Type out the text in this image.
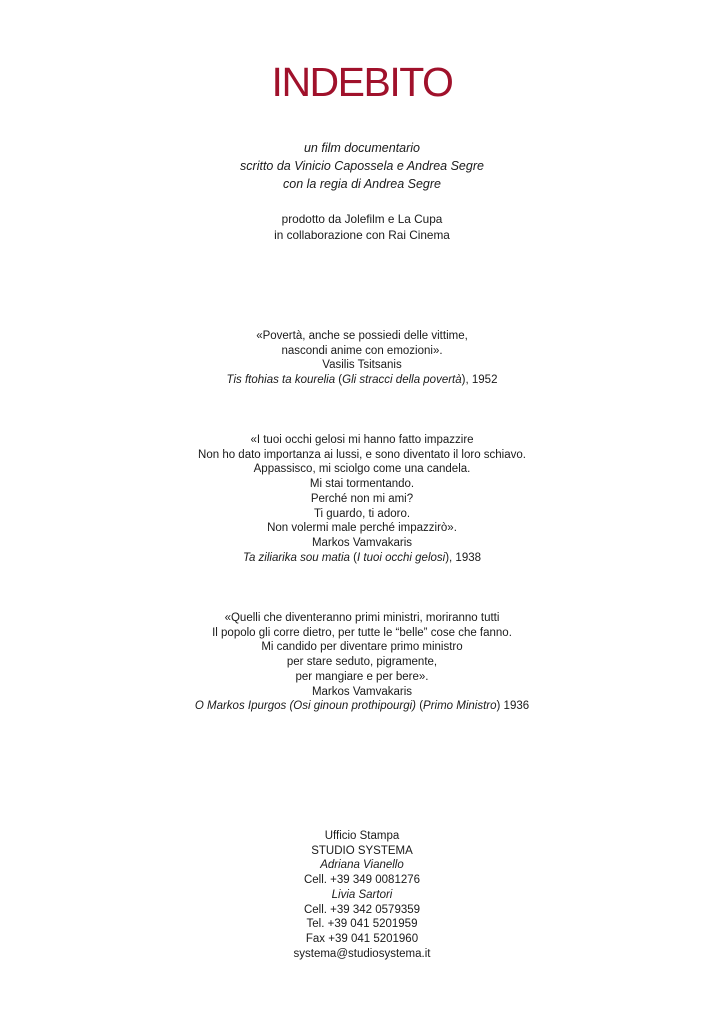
INDEBITO
un film documentario
scritto da Vinicio Capossela e Andrea Segre
con la regia di Andrea Segre
prodotto da Jolefilm e La Cupa
in collaborazione con Rai Cinema
«Povertà, anche se possiedi delle vittime,
nascondi anime con emozioni».
Vasilis Tsitsanis
Tis ftohias ta kourelia (Gli stracci della povertà), 1952
«I tuoi occhi gelosi mi hanno fatto impazzire
Non ho dato importanza ai lussi, e sono diventato il loro schiavo.
Appassisco, mi sciolgo come una candela.
Mi stai tormentando.
Perché non mi ami?
Ti guardo, ti adoro.
Non volermi male perché impazzirò».
Markos Vamvakaris
Ta ziliarika sou matia (I tuoi occhi gelosi), 1938
«Quelli che diventeranno primi ministri, moriranno tutti
Il popolo gli corre dietro, per tutte le “belle” cose che fanno.
Mi candido per diventare primo ministro
per stare seduto, pigramente,
per mangiare e per bere».
Markos Vamvakaris
O Markos Ipurgos (Osi ginoun prothipourgi) (Primo Ministro) 1936
Ufficio Stampa
STUDIO SYSTEMA
Adriana Vianello
Cell. +39 349 0081276
Livia Sartori
Cell. +39 342 0579359
Tel. +39 041 5201959
Fax +39 041 5201960
systema@studiosystema.it
